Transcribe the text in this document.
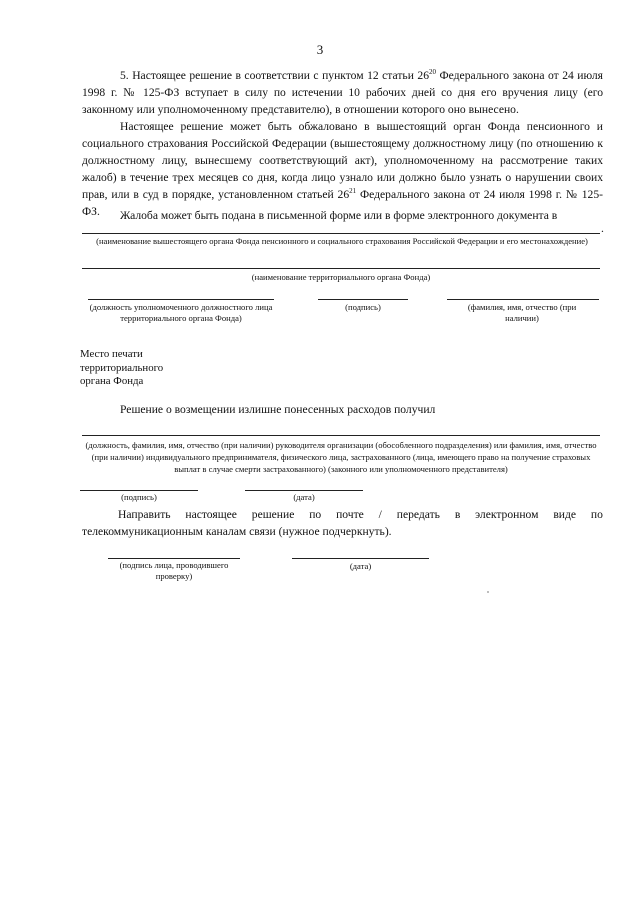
3
5. Настоящее решение в соответствии с пунктом 12 статьи $26^{20}$ Федерального закона от 24 июля 1998 г. № 125-ФЗ вступает в силу по истечении 10 рабочих дней со дня его вручения лицу (его законному или уполномоченному представителю), в отношении которого оно вынесено.
Настоящее решение может быть обжаловано в вышестоящий орган Фонда пенсионного и социального страхования Российской Федерации (вышестоящему должностному лицу (по отношению к должностному лицу, вынесшему соответствующий акт), уполномоченному на рассмотрение таких жалоб) в течение трех месяцев со дня, когда лицо узнало или должно было узнать о нарушении своих прав, или в суд в порядке, установленном статьей $26^{21}$ Федерального закона от 24 июля 1998 г. № 125-ФЗ.	Жалоба может быть подана в письменной форме или в форме электронного документа в
.
(наименование вышестоящего органа Фонда пенсионного и социального страхования Российской Федерации и его местонахождение)
(наименование территориального органа Фонда)
(должность уполномоченного должностного лица территориального органа Фонда)
(подпись)	(фамилия, имя, отчество (при наличии)
Место печати
территориального
органа Фонда
Решение о возмещении излишне понесенных расходов получил
(должность, фамилия, имя, отчество (при наличии) руководителя организации (обособленного подразделения) или фамилия, имя, отчество (при наличии) индивидуального предпринимателя, физического лица, застрахованного (лица, имеющего право на получение страховых выплат в случае смерти застрахованного) (законного или уполномоченного представителя)
(подпись)	(дата)
Направить настоящее решение по почте / передать в электронном виде по
телекоммуникационным каналам связи (нужное подчеркнуть).
(подпись лица, проводившего проверку)
(дата)
